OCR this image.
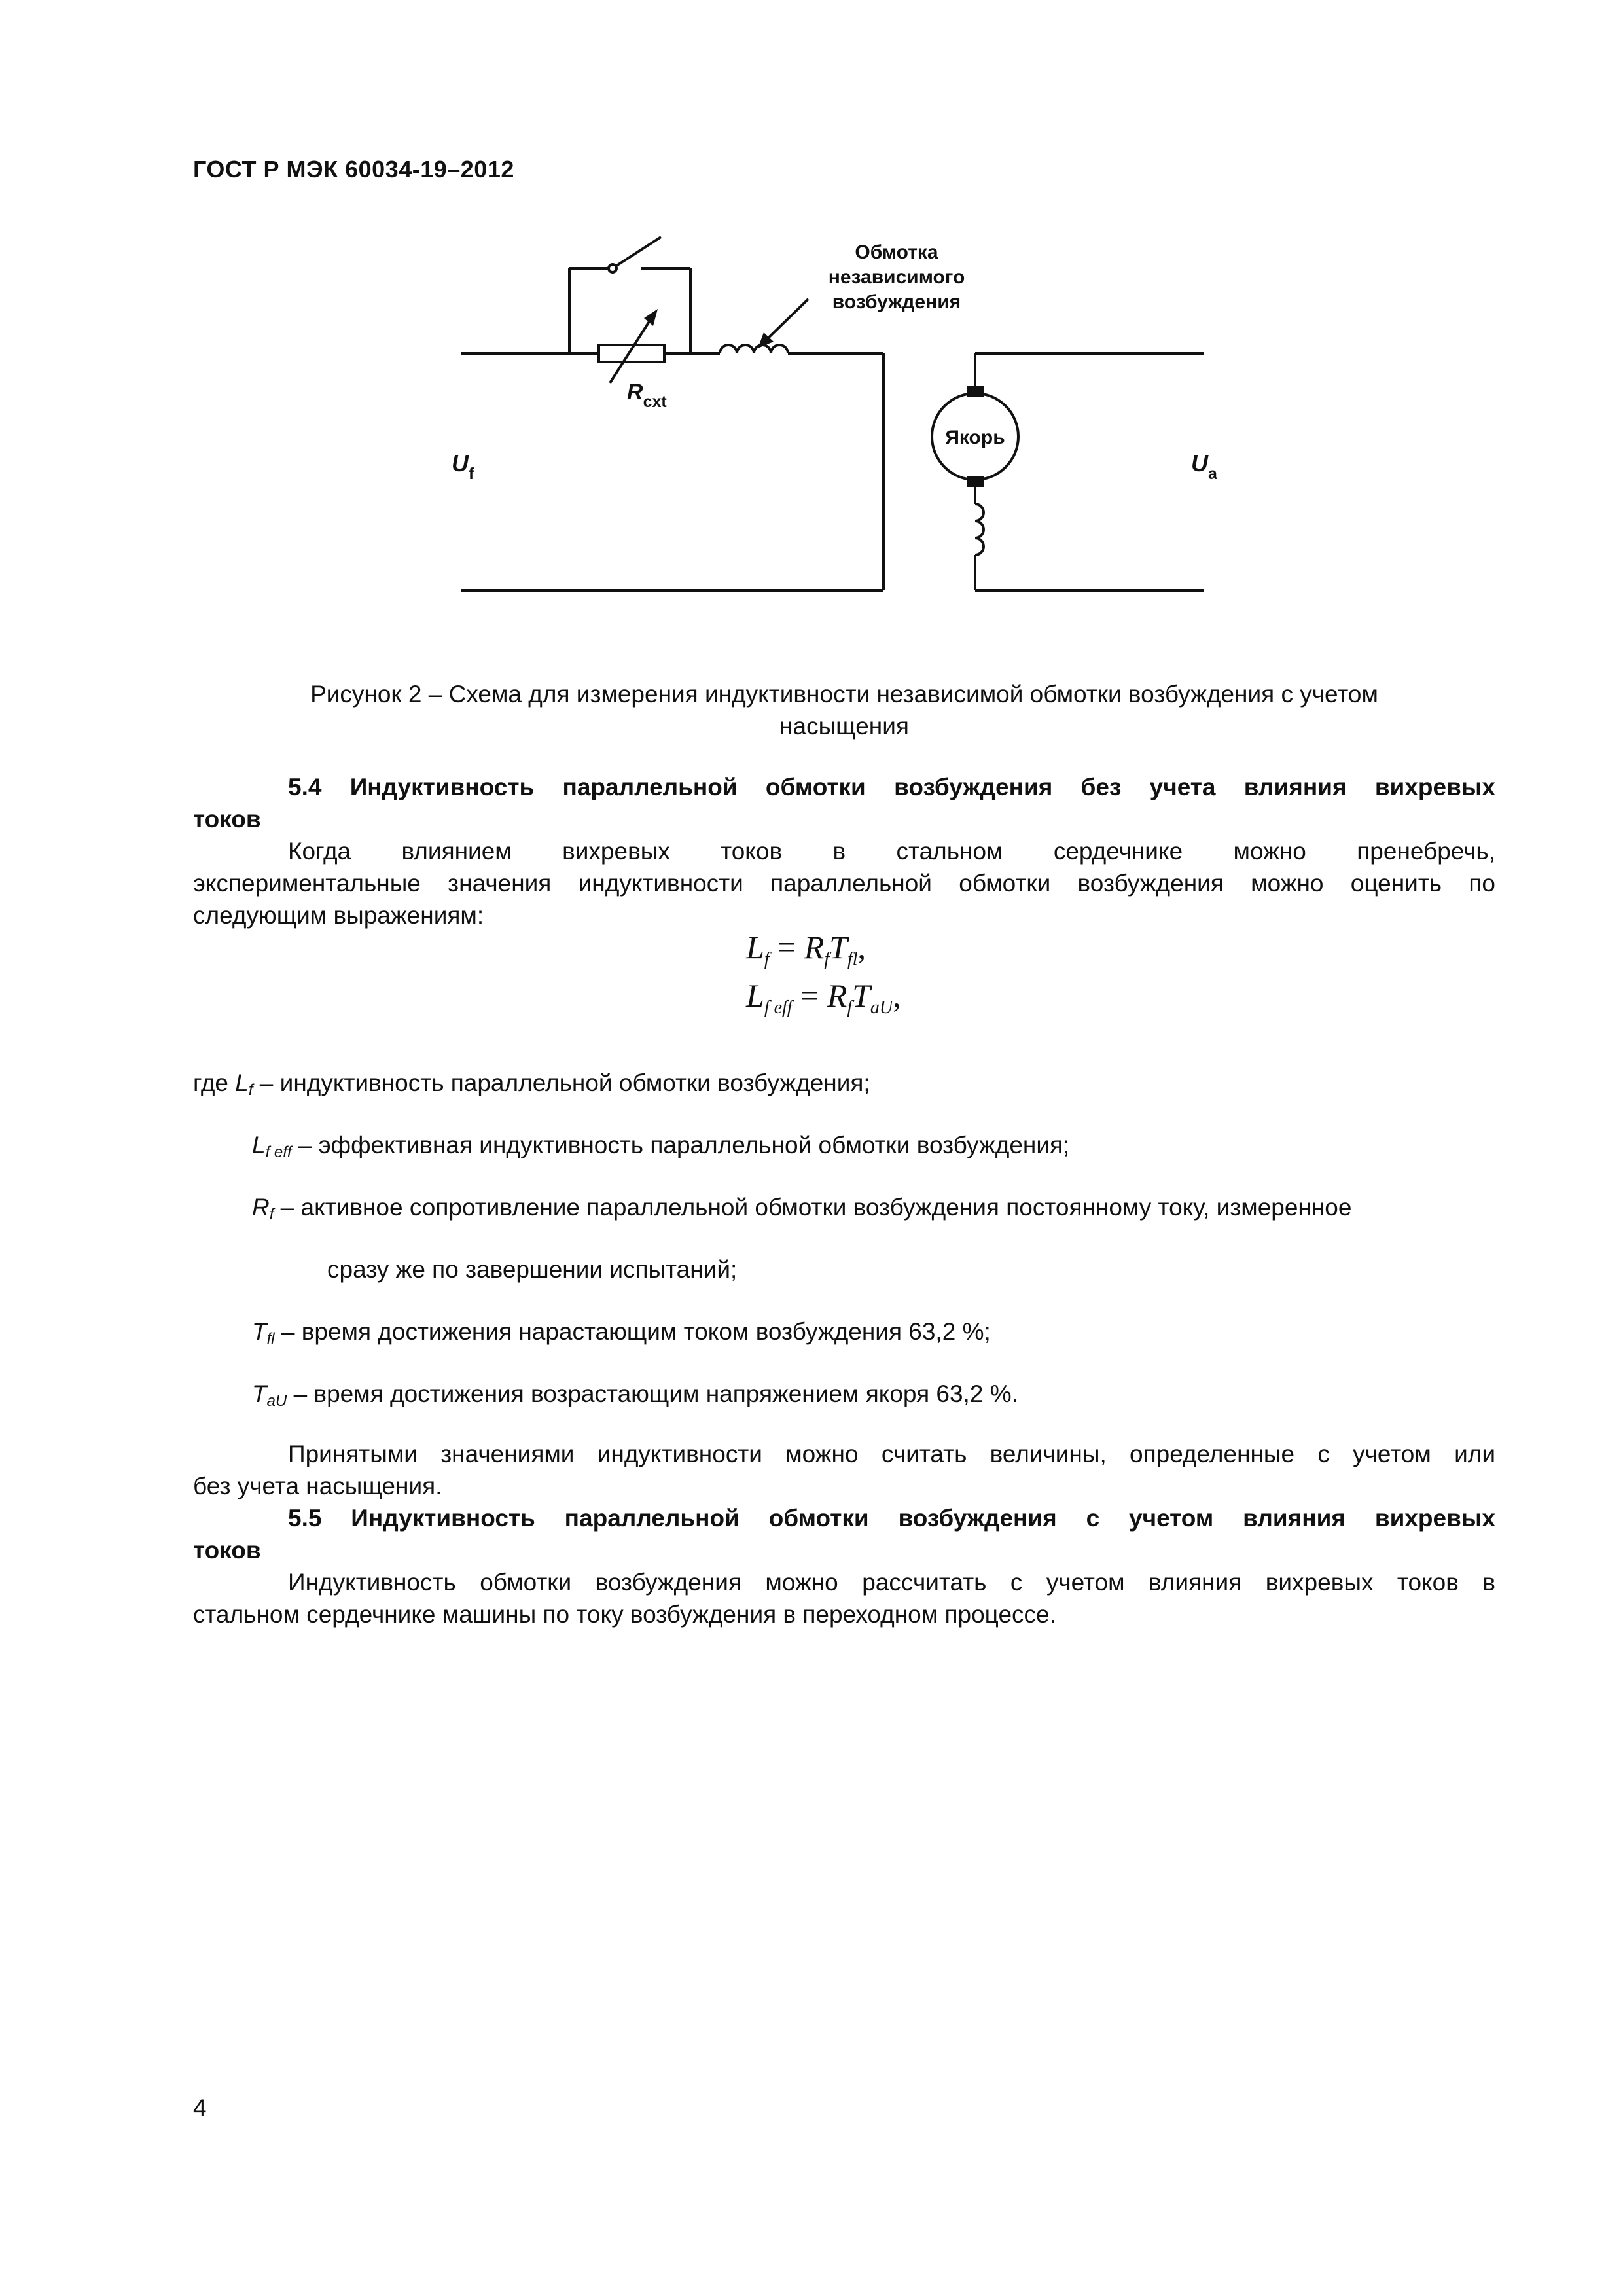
ГОСТ Р МЭК 60034-19–2012
Обмотка
независимого
возбуждения
$R_{cxt}$
Якорь
$U_f$	$U_a$
Рисунок 2 – Схема для измерения индуктивности независимой обмотки возбуждения с учетом
насыщения
5.4 Индуктивность параллельной обмотки возбуждения без учета влияния вихревых
токов
Когда влиянием вихревых токов в стальном сердечнике можно пренебречь,
экспериментальные значения индуктивности параллельной обмотки возбуждения можно оценить по
следующим выражениям:
$L_f = R_fT_{fl}$,
$L_{f eff} = R_fT_{aU}$,
где $L_f$ – индуктивность параллельной обмотки возбуждения;
$L_{f eff}$ – эффективная индуктивность параллельной обмотки возбуждения;
$R_f$ – активное сопротивление параллельной обмотки возбуждения постоянному току, измеренное
сразу же по завершении испытаний;
$T_{fl}$ – время достижения нарастающим током возбуждения 63,2 %;
$T_{aU}$ – время достижения возрастающим напряжением якоря 63,2 %.
Принятыми значениями индуктивности можно считать величины, определенные с учетом или
без учета насыщения.
5.5 Индуктивность параллельной обмотки возбуждения с учетом влияния вихревых
токов
Индуктивность обмотки возбуждения можно рассчитать с учетом влияния вихревых токов в
стальном сердечнике машины по току возбуждения в переходном процессе.
4
